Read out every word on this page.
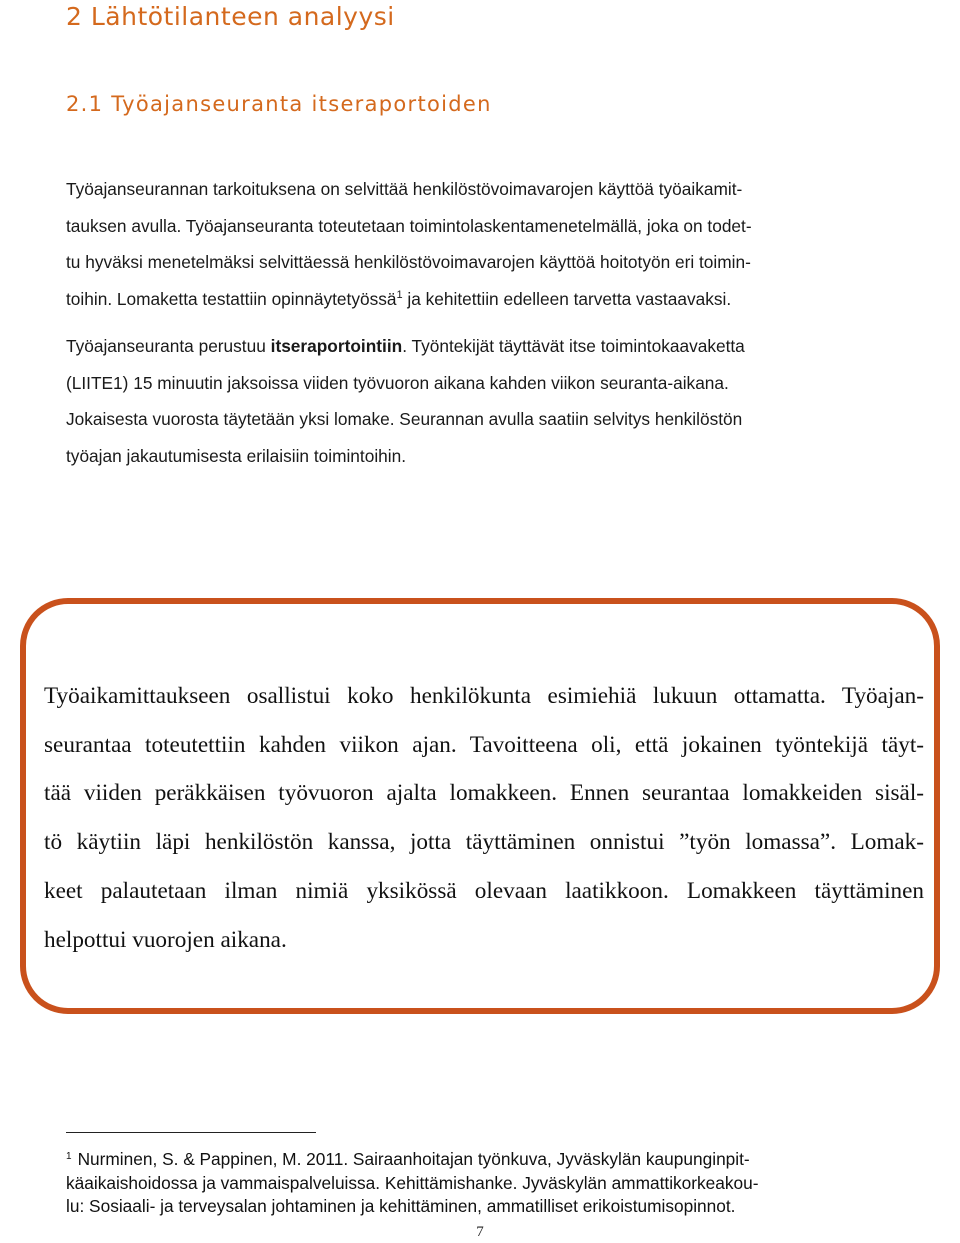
2 Lähtötilanteen analyysi
2.1 Työajanseuranta itseraportoiden
Työajanseurannan tarkoituksena on selvittää henkilöstövoimavarojen käyttöä työaikamit-
tauksen avulla. Työajanseuranta toteutetaan toimintolaskentamenetelmällä, joka on todet-
tu hyväksi menetelmäksi selvittäessä henkilöstövoimavarojen käyttöä hoitotyön eri toimin-
toihin. Lomaketta testattiin opinnäytetyössä$^1$ ja kehitettiin edelleen tarvetta vastaavaksi.
Työajanseuranta perustuu itseraportointiin. Työntekijät täyttävät itse toimintokaavaketta
(LIITE1) 15 minuutin jaksoissa viiden työvuoron aikana kahden viikon seuranta-aikana.
Jokaisesta vuorosta täytetään yksi lomake. Seurannan avulla saatiin selvitys henkilöstön
työajan jakautumisesta erilaisiin toimintoihin.
Työaikamittaukseen osallistui koko henkilökunta esimiehiä lukuun ottamatta. Työajan-
seurantaa toteutettiin kahden viikon ajan. Tavoitteena oli, että jokainen työntekijä täyt-
tää viiden peräkkäisen työvuoron ajalta lomakkeen. Ennen seurantaa lomakkeiden sisäl-
tö käytiin läpi henkilöstön kanssa, jotta täyttäminen onnistui ”työn lomassa”. Lomak-
keet palautetaan ilman nimiä yksikössä olevaan laatikkoon. Lomakkeen täyttäminen
helpottui vuorojen aikana.
$^1$ Nurminen, S. & Pappinen, M. 2011. Sairaanhoitajan työnkuva, Jyväskylän kaupunginpit-
käaikaishoidossa ja vammaispalveluissa. Kehittämishanke. Jyväskylän ammattikorkeakou-
lu: Sosiaali- ja terveysalan johtaminen ja kehittäminen, ammatilliset erikoistumisopinnot.
7
